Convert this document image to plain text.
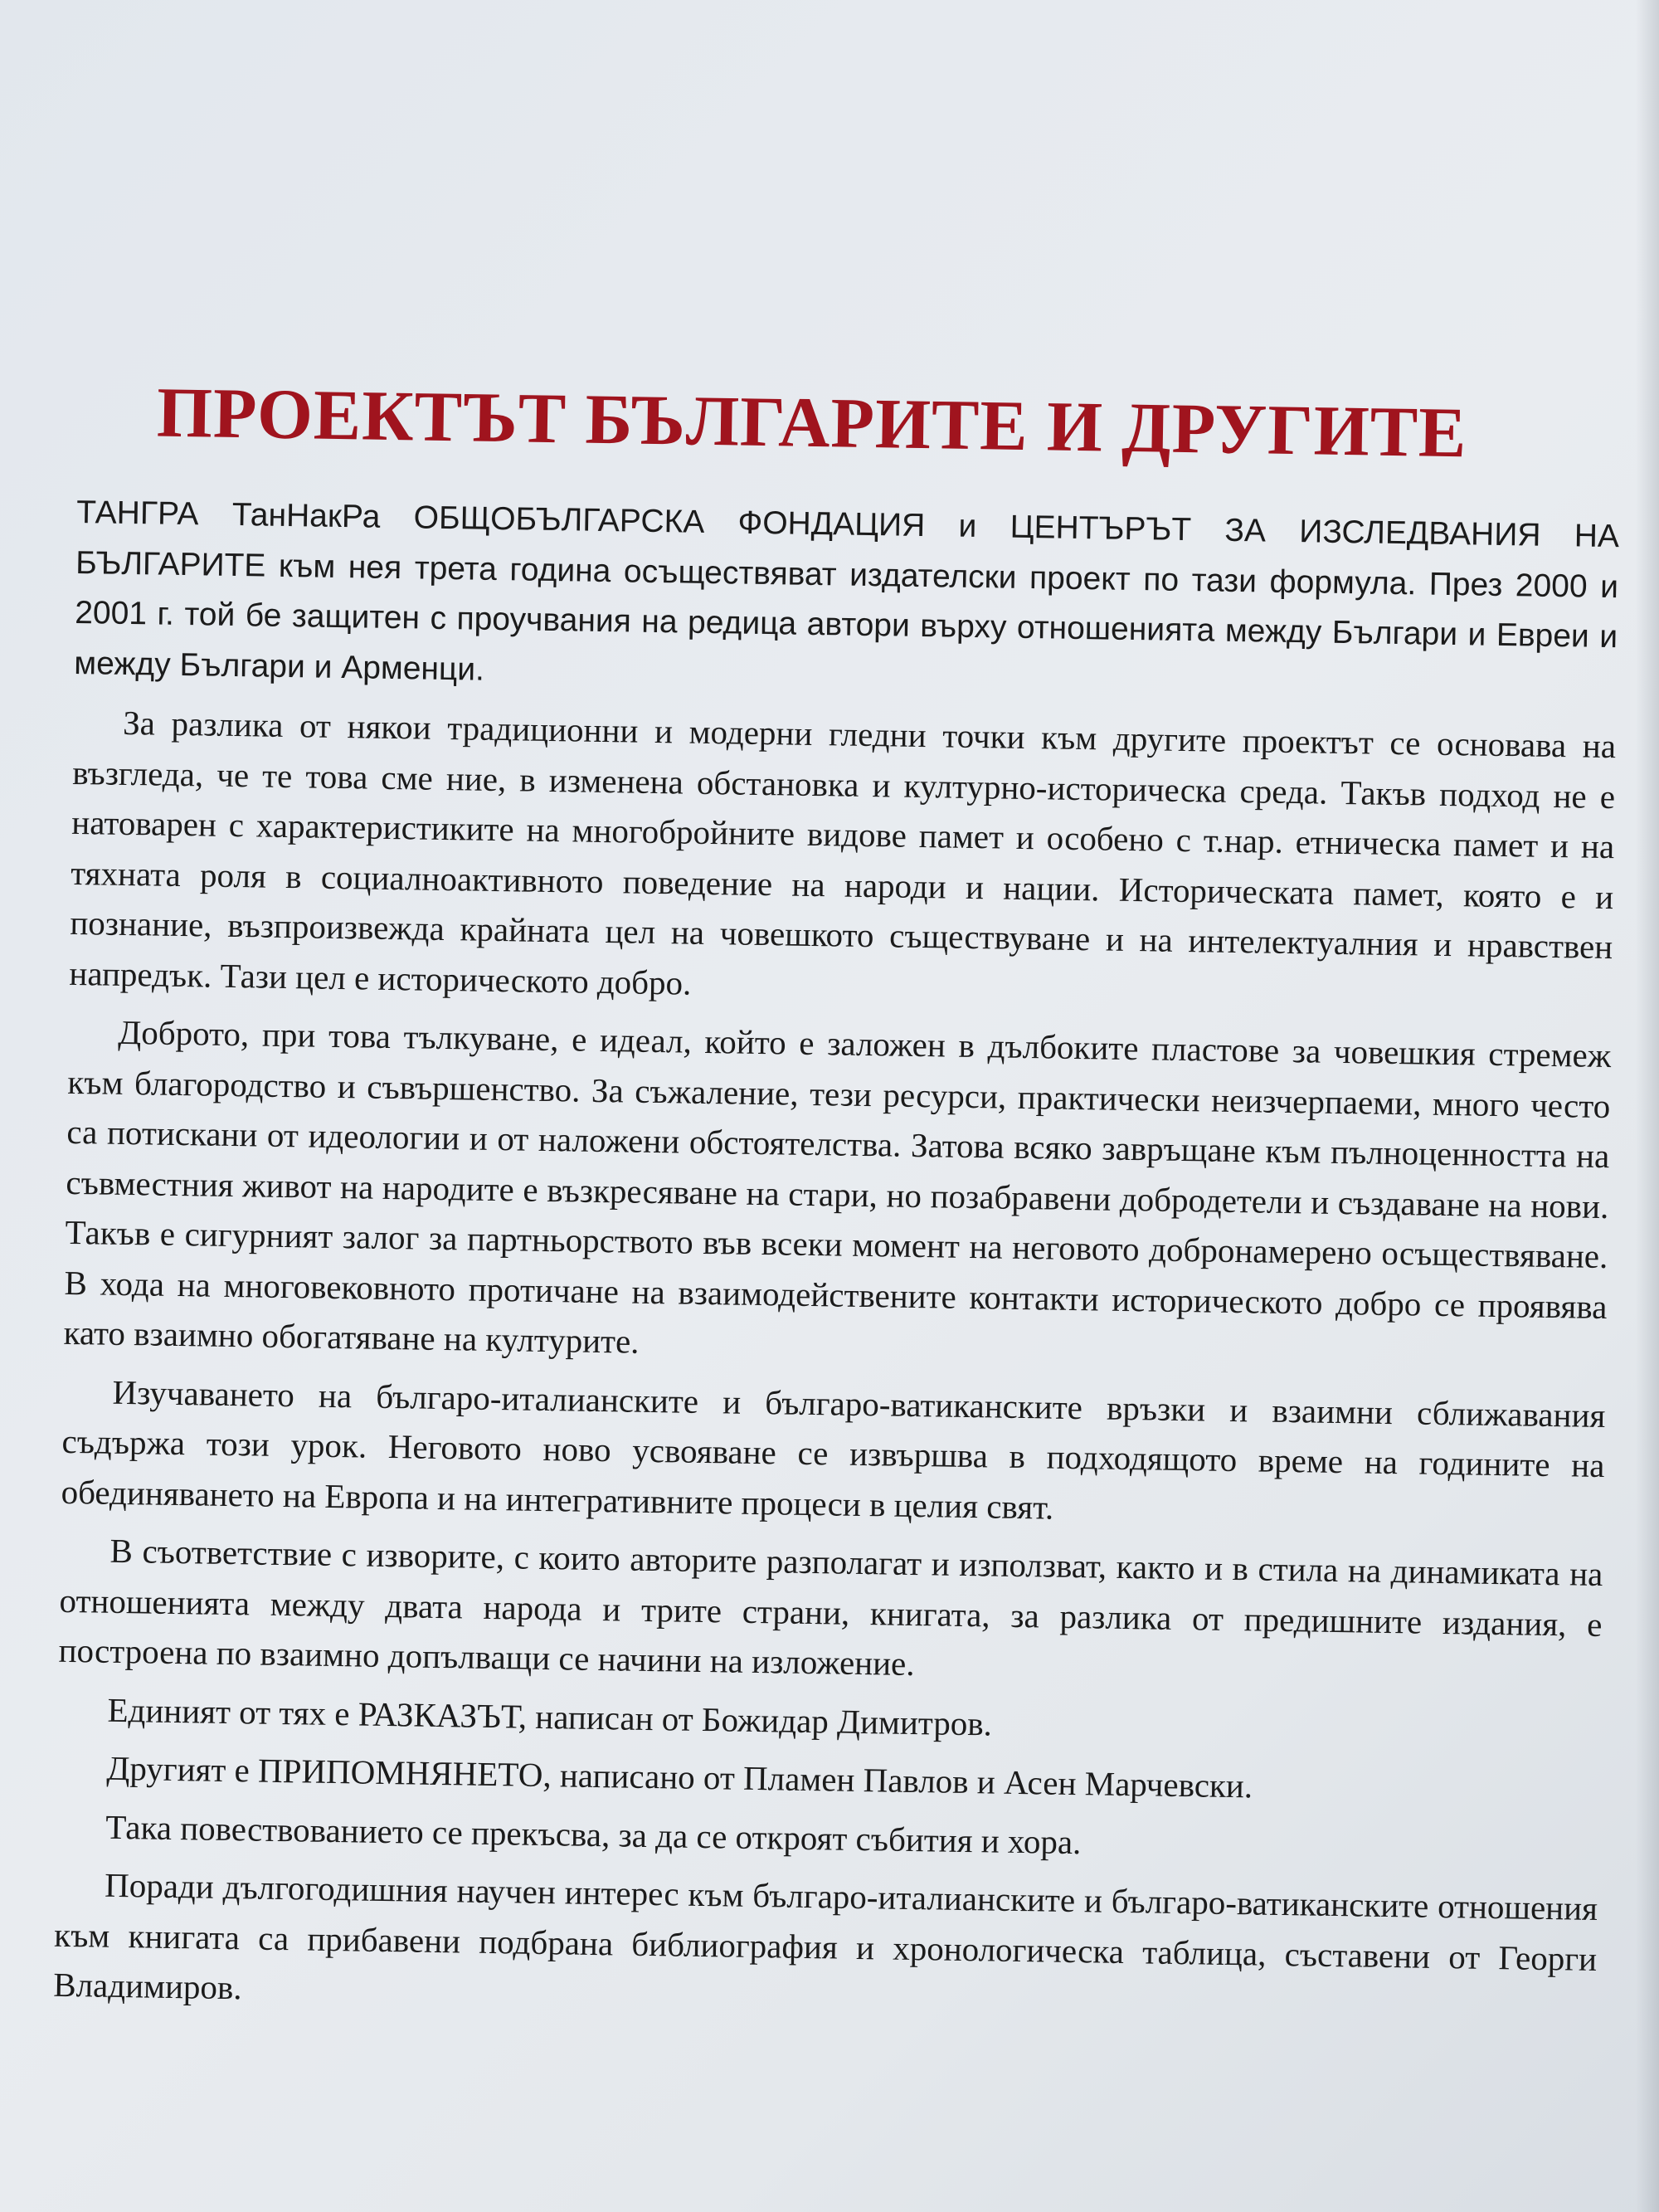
ПРОЕКТЪТ БЪЛГАРИТЕ И ДРУГИТЕ

ТАНГРА ТанНакРа ОБЩОБЪЛГАРСКА ФОНДАЦИЯ и ЦЕНТЪРЪТ ЗА ИЗСЛЕДВАНИЯ НА БЪЛГАРИТЕ към нея трета година осъществяват издателски проект по тази формула. През 2000 и 2001 г. той бе защитен с проучвания на редица автори върху отношенията между Българи и Евреи и между Българи и Арменци.

За разлика от някои традиционни и модерни гледни точки към другите проектът се основава на възгледа, че те това сме ние, в изменена обстановка и културно-историческа среда. Такъв подход не е натоварен с характеристиките на многобройните видове памет и особено с т.нар. етническа памет и на тяхната роля в социалноактивното поведение на народи и нации. Историческата памет, която е и познание, възпроизвежда крайната цел на човешкото съществуване и на интелектуалния и нравствен напредък. Тази цел е историческото добро.

Доброто, при това тълкуване, е идеал, който е заложен в дълбоките пластове за човешкия стремеж към благородство и съвършенство. За съжаление, тези ресурси, практически неизчерпаеми, много често са потискани от идеологии и от наложени обстоятелства. Затова всяко завръщане към пълноценността на съвместния живот на народите е възкресяване на стари, но позабравени добродетели и създаване на нови. Такъв е сигурният залог за партньорството във всеки момент на неговото добронамерено осъществяване. В хода на многовековното протичане на взаимодействените контакти историческото добро се проявява като взаимно обогатяване на културите.

Изучаването на българо-италианските и българо-ватиканските връзки и взаимни сближавания съдържа този урок. Неговото ново усвояване се извършва в подходящото време на годините на обединяването на Европа и на интегративните процеси в целия свят.

В съответствие с изворите, с които авторите разполагат и използват, както и в стила на динамиката на отношенията между двата народа и трите страни, книгата, за разлика от предишните издания, е построена по взаимно допълващи се начини на изложение.

Единият от тях е РАЗКАЗЪТ, написан от Божидар Димитров.

Другият е ПРИПОМНЯНЕТО, написано от Пламен Павлов и Асен Марчевски.

Така повествованието се прекъсва, за да се откроят събития и хора.

Поради дългогодишния научен интерес към българо-италианските и българо-ватиканските отношения към книгата са прибавени подбрана библиография и хронологическа таблица, съставени от Георги Владимиров.
